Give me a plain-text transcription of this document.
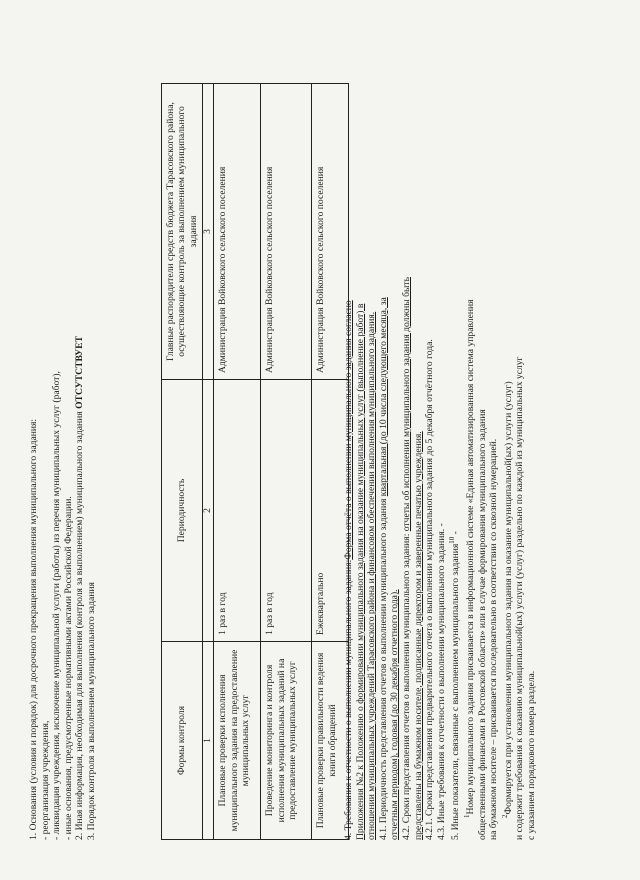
1. Основания (условия и порядок) для досрочного прекращения выполнения муниципального задания: - реорганизация учреждения, - ликвидация учреждения, исключение муниципальной услуги (работы) из перечня муниципальных услуг (работ), - иные основания, предусмотренные нормативными актами Российской Федерации. 2. Иная информация, необходимая для выполнения (контроля за выполнением) муниципального задания ОТСУТСТВУЕТ
3. Порядок контроля за выполнением муниципального задания	Формы контроля	Периодичность	Главные распорядители средств бюджета Тарасовского района, осуществляющие контроль за выполнением муниципального задания
1	2	3
Плановые проверки исполнения муниципального задания на предоставление муниципальных услуг	1 раз в год	Администрация Войковского сельского поселения
Проведение мониторинга и контроля исполнения муниципальных заданий на предоставление муниципальных услуг	1 раз в год	Администрация Войковского сельского поселения
Плановые проверки правильности ведения книги обращений	Ежеквартально	Администрация Войковского сельского поселения
4. Требования к отчетности о выполнении муниципального задания:Форма отчёта о выполнении муниципального задания согласно Приложения №2 к Положению о формировании муниципального задания на оказание муниципальных услуг (выполнение работ) в отношении муниципальных учреждений Тарасовского района и финансовом обеспечении выполнения муниципального задания. 4.1. Периодичность представления отчетов о выполнении муниципального задания квартальная (до 10 числа следующего месяца, за
отчетным периодом), годовая (до 30 декабря отчетного года). 4.2. Сроки представления отчетов о выполнении муниципального задания: отчеты об исполнении муниципального задания должны быть
представлены на бумажном носителе, подписанные директором и заверенные печатью учреждения. 4.2.1. Сроки представления предварительного отчета о выполнении муниципального задания до 5 декабря отчётного года. 4.3. Иные требования к отчетности о выполнении муниципального задания. - 5. Иные показатели, связанные с выполнением муниципального задания$^{10}$ -
$^1$Номер муниципального задания присваивается в информационной системе «Единая автоматизированная система управления общественными финансами в Ростовской области» или в случае формирования муниципального задания на бумажном носителе – присваивается последовательно в соответствии со сквозной нумерацией. $^2$Формируется при установлении муниципального задания на оказание муниципальной(ых) услуги (услуг) и содержит требования к оказанию муниципальной(ых) услуги (услуг) раздельно по каждой из муниципальных услуг с указанием порядкового номера раздела.
